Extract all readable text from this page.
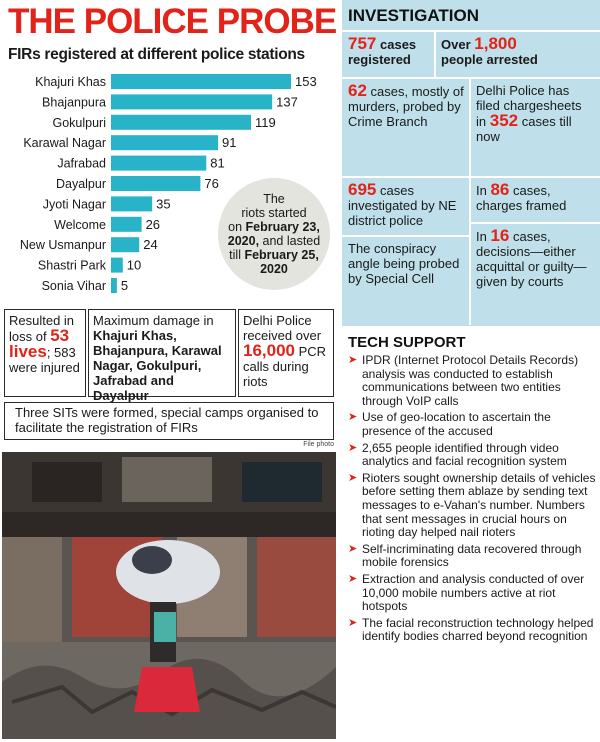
THE POLICE PROBE
FIRs registered at different police stations
Khajuri Khas	153
Bhajanpura	137
Gokulpuri	119
Karawal Nagar	91
Jafrabad	81
Dayalpur	76
Jyoti Nagar	35
Welcome	26
New Usmanpur	24
Shastri Park 10
Sonia Vihar 5
The
riots started
on February 23,
2020, and lasted
till February 25,
2020
Resulted in loss of 53 lives; 583 were injured
Maximum damage in Khajuri Khas, Bhajanpura, Karawal Nagar, Gokulpuri, Jafrabad and Dayalpur
Delhi Police received over 16,000 PCR calls during riots
Three SITs were formed, special camps organised to facilitate the registration of FIRs
File photo
INVESTIGATION
757 cases registered
Over 1,800
people arrested
62 cases, mostly of murders, probed by Crime Branch
Delhi Police has filed chargesheets in 352 cases till now
695 cases investigated by NE district police
In 86 cases, charges framed
The conspiracy angle being probed by Special Cell
In 16 cases, decisions—either acquittal or guilty—given by courts
TECH SUPPORT
➤ IPDR (Internet Protocol Details Records) analysis was conducted to establish communications between two entities through VoIP calls
➤ Use of geo-location to ascertain the presence of the accused
➤ 2,655 people identified through video analytics and facial recognition system
➤ Rioters sought ownership details of vehicles before setting them ablaze by sending text messages to e-Vahan's number. Numbers that sent messages in crucial hours on rioting day helped nail rioters
➤ Self-incriminating data recovered through mobile forensics
➤ Extraction and analysis conducted of over 10,000 mobile numbers active at riot hotspots
➤ The facial reconstruction technology helped identify bodies charred beyond recognition
